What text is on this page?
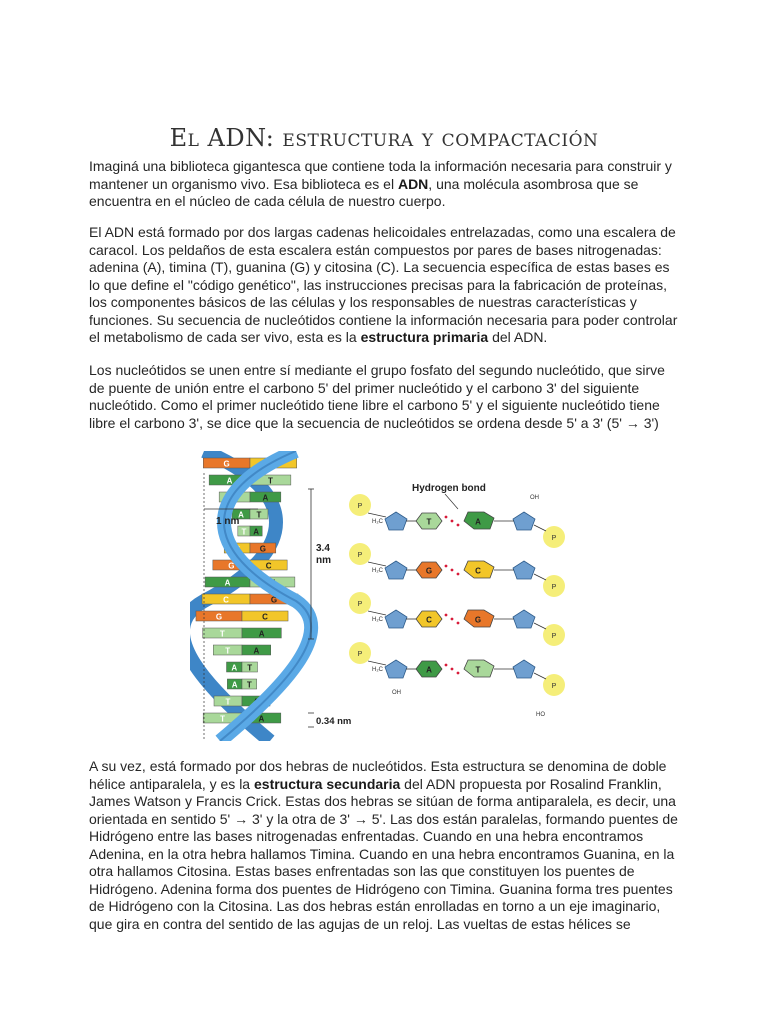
El ADN: estructura y compactación

Imaginá una biblioteca gigantesca que contiene toda la información necesaria para construir y mantener un organismo vivo. Esa biblioteca es el ADN, una molécula asombrosa que se encuentra en el núcleo de cada célula de nuestro cuerpo.

El ADN está formado por dos largas cadenas helicoidales entrelazadas, como una escalera de caracol. Los peldaños de esta escalera están compuestos por pares de bases nitrogenadas: adenina (A), timina (T), guanina (G) y citosina (C). La secuencia específica de estas bases es lo que define el "código genético", las instrucciones precisas para la fabricación de proteínas, los componentes básicos de las células y los responsables de nuestras características y funciones. Su secuencia de nucleótidos contiene la información necesaria para poder controlar el metabolismo de cada ser vivo, esta es la estructura primaria del ADN.

Los nucleótidos se unen entre sí mediante el grupo fosfato del segundo nucleótido, que sirve de puente de unión entre el carbono 5' del primer nucleótido y el carbono 3' del siguiente nucleótido. Como el primer nucleótido tiene libre el carbono 5' y el siguiente nucleótido tiene libre el carbono 3', se dice que la secuencia de nucleótidos se ordena desde 5' a 3' (5' → 3')

G	C
A	T
T	A
A T
T A
C G
G	C
A	T
C	G
G	C
T	A
T	A
A T
A T
T	A
T	A
1 nm
3.4
nm
0.34 nm
Hydrogen bond
P
P
H₂C	T	A
P
P
H₂C	G	C
P
P
H₂C	C	G
P
P
H₂C	A	T
OH
OH
HO

A su vez, está formado por dos hebras de nucleótidos. Esta estructura se denomina de doble hélice antiparalela, y es la estructura secundaria del ADN propuesta por Rosalind Franklin, James Watson y Francis Crick. Estas dos hebras se sitúan de forma antiparalela, es decir, una orientada en sentido 5' → 3' y la otra de 3' → 5'. Las dos están paralelas, formando puentes de Hidrógeno entre las bases nitrogenadas enfrentadas. Cuando en una hebra encontramos Adenina, en la otra hebra hallamos Timina. Cuando en una hebra encontramos Guanina, en la otra hallamos Citosina. Estas bases enfrentadas son las que constituyen los puentes de Hidrógeno. Adenina forma dos puentes de Hidrógeno con Timina. Guanina forma tres puentes de Hidrógeno con la Citosina. Las dos hebras están enrolladas en torno a un eje imaginario, que gira en contra del sentido de las agujas de un reloj. Las vueltas de estas hélices se
